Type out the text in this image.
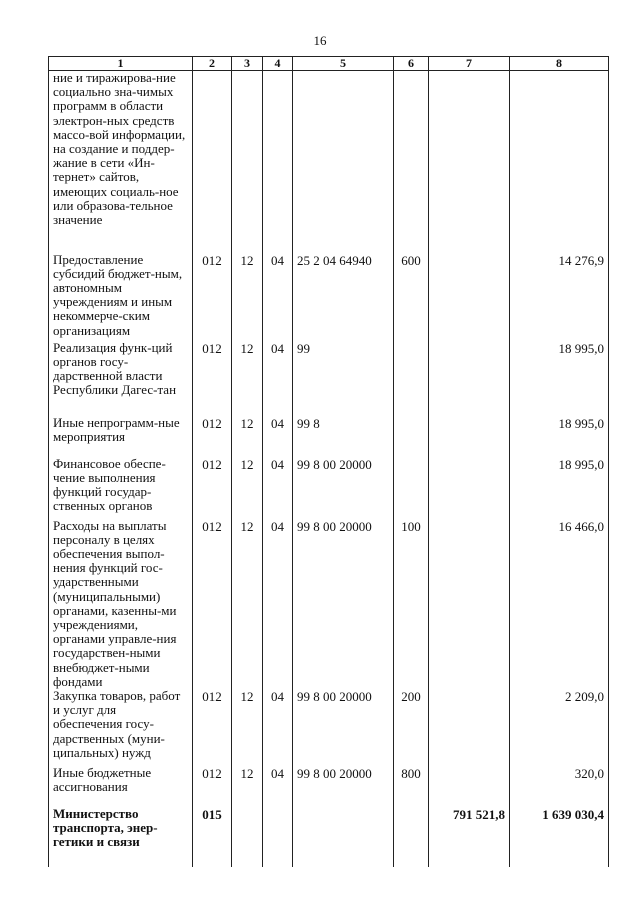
16
1	2	3	4	5	6	7	8
ние и тиражирова-ние социально зна-чимых программ в области электрон-ных средств массо-вой информации, на создание и поддер-жание в сети «Ин-тернет» сайтов, имеющих социаль-ное или образова-тельное значение							
Предоставление субсидий бюджет-ным, автономным учреждениям и иным некоммерче-ским организациям	012	12	04	25 2 04 64940	600		14 276,9
Реализация функ-ций органов госу-дарственной власти Республики Дагес-тан	012	12	04	99			18 995,0
Иные непрограмм-ные мероприятия	012	12	04	99 8			18 995,0
Финансовое обеспе-чение выполнения функций государ-ственных органов	012	12	04	99 8 00 20000			18 995,0
Расходы на выплаты персоналу в целях обеспечения выпол-нения функций гос-ударственными (муниципальными) органами, казенны-ми учреждениями, органами управле-ния государствен-ными внебюджет-ными фондами	012	12	04	99 8 00 20000	100		16 466,0
Закупка товаров, работ и услуг для обеспечения госу-дарственных (муни-ципальных) нужд	012	12	04	99 8 00 20000	200		2 209,0
Иные бюджетные ассигнования	012	12	04	99 8 00 20000	800		320,0
Министерство транспорта, энер-гетики и связи	015					791 521,8	1 639 030,4
